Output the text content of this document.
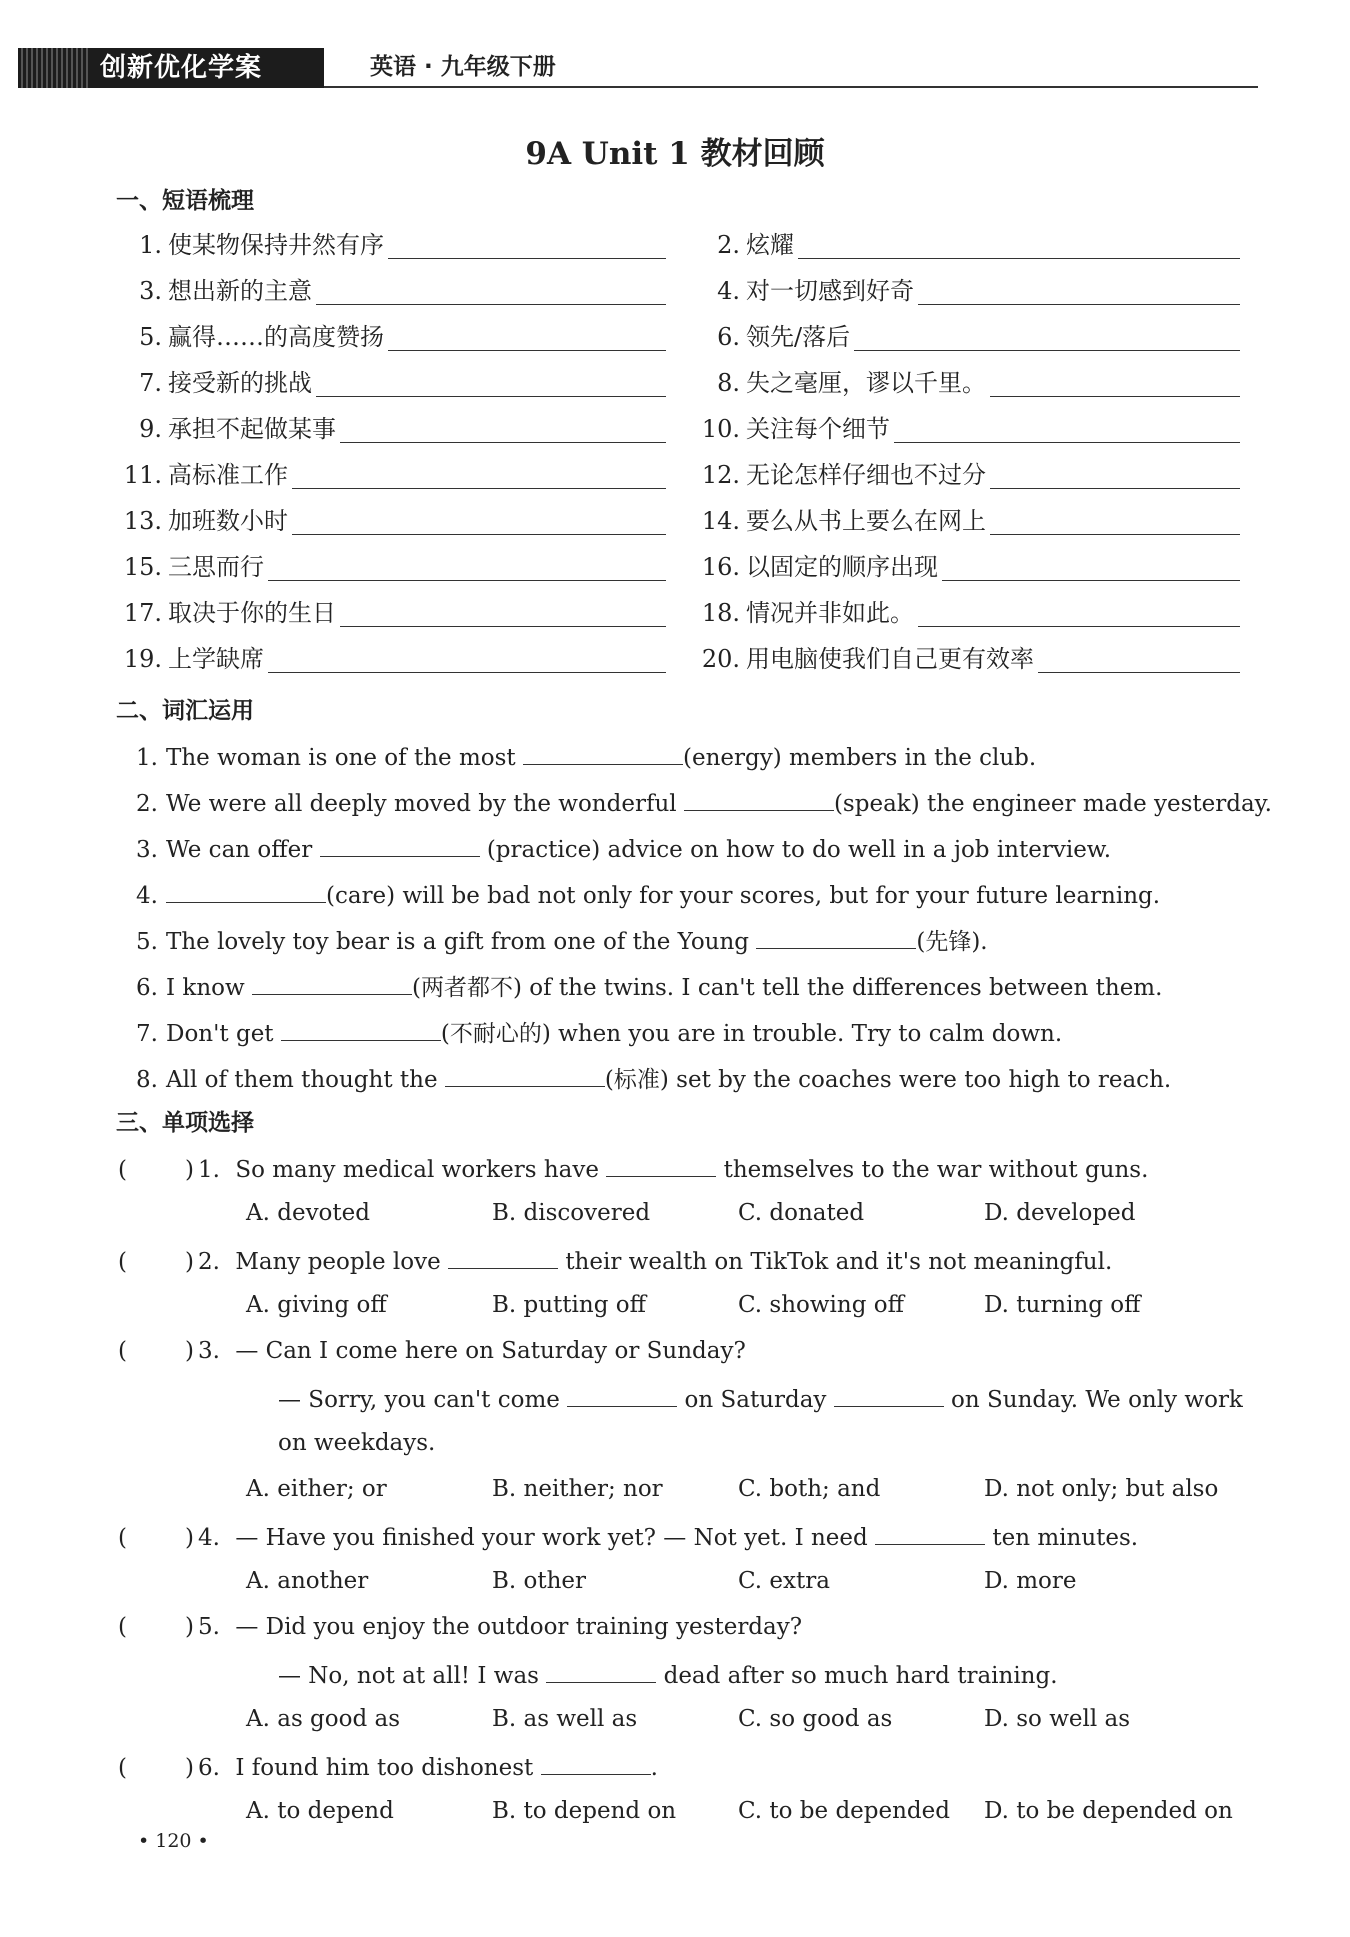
创新优化学案	英语 · 九年级下册
9A Unit 1 教材回顾
一、短语梳理
1. 使某物保持井然有序	2. 炫耀
3. 想出新的主意	4. 对一切感到好奇
5. 赢得……的高度赞扬	6. 领先/落后
7. 接受新的挑战	8. 失之毫厘，谬以千里。
9. 承担不起做某事	10. 关注每个细节
11. 高标准工作	12. 无论怎样仔细也不过分
13. 加班数小时	14. 要么从书上要么在网上
15. 三思而行	16. 以固定的顺序出现
17. 取决于你的生日	18. 情况并非如此。
19. 上学缺席	20. 用电脑使我们自己更有效率
二、词汇运用
1. The woman is one of the most	(energy) members in the club.
2. We were all deeply moved by the wonderful	(speak) the engineer made yesterday.
3. We can offer	(practice) advice on how to do well in a job interview.
4.	(care) will be bad not only for your scores, but for your future learning.
5. The lovely toy bear is a gift from one of the Young	(先锋).
6. I know	(两者都不) of the twins. I can't tell the differences between them.
7. Don't get	(不耐心的) when you are in trouble. Try to calm down.
8. All of them thought the	(标准) set by the coaches were too high to reach.
三、单项选择
(	) 1. So many medical workers have	themselves to the war without guns.
A. devoted	B. discovered	C. donated	D. developed
(	) 2. Many people love	their wealth on TikTok and it's not meaningful.
A. giving off	B. putting off	C. showing off	D. turning off
(	) 3. — Can I come here on Saturday or Sunday?
— Sorry, you can't come	on Saturday	on Sunday. We only work
on weekdays.
A. either; or	B. neither; nor	C. both; and	D. not only; but also
(	) 4. — Have you finished your work yet? — Not yet. I need	ten minutes.
A. another	B. other	C. extra	D. more
(	) 5. — Did you enjoy the outdoor training yesterday?
— No, not at all! I was	dead after so much hard training.
A. as good as	B. as well as	C. so good as	D. so well as
(	) 6. I found him too dishonest	.
A. to depend	B. to depend on	C. to be depended D. to be depended on
• 120 •
